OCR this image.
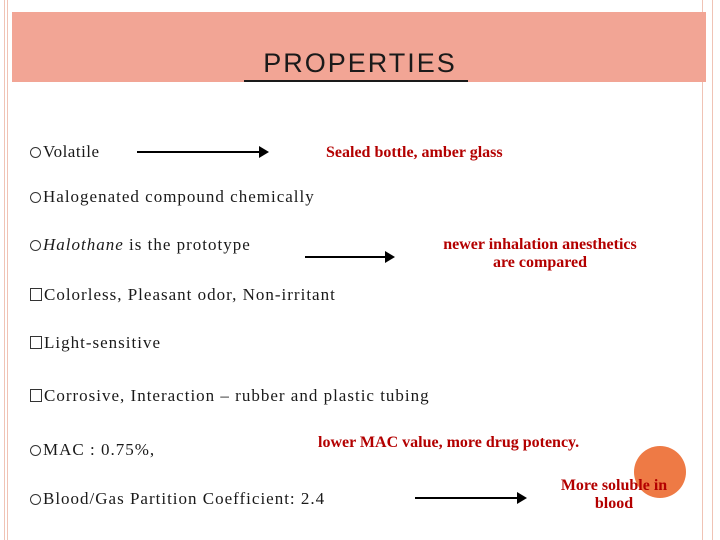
PROPERTIES
Volatile	Sealed bottle, amber glass
Halogenated compound chemically
Halothane is the prototype	newer inhalation anesthetics
are compared
Colorless, Pleasant odor, Non-irritant
Light-sensitive
Corrosive, Interaction – rubber and plastic tubing
MAC : 0.75%,	lower MAC value, more drug potency.
Blood/Gas Partition Coefficient: 2.4
More soluble in
blood
